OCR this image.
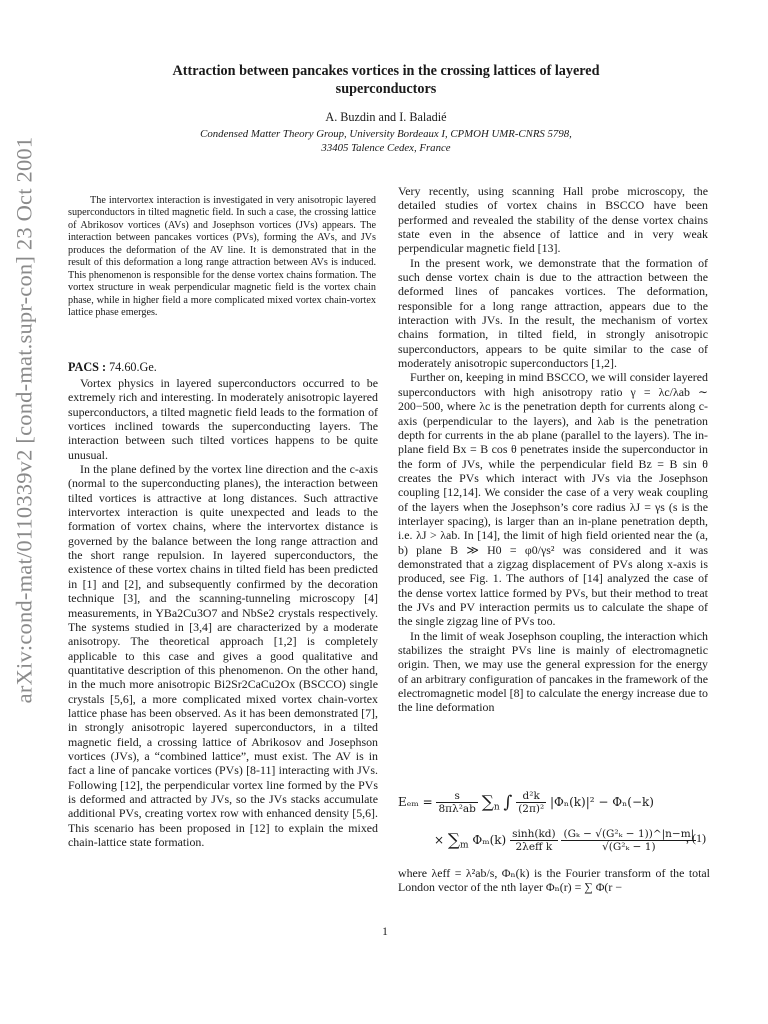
arXiv:cond-mat/0110339v2 [cond-mat.supr-con] 23 Oct 2001
Attraction between pancakes vortices in the crossing lattices of layered
superconductors
A. Buzdin and I. Baladié
Condensed Matter Theory Group, University Bordeaux I, CPMOH UMR-CNRS 5798,
33405 Talence Cedex, France

The intervortex interaction is investigated in very anisotropic layered superconductors in tilted magnetic field. In such a case, the crossing lattice of Abrikosov vortices (AVs) and Josephson vortices (JVs) appears. The interaction between pancakes vortices (PVs), forming the AVs, and JVs produces the deformation of the AV line. It is demonstrated that in the result of this deformation a long range attraction between AVs is induced. This phenomenon is responsible for the dense vortex chains formation. The vortex structure in weak perpendicular magnetic field is the vortex chain phase, while in higher field a more complicated mixed vortex chain-vortex lattice phase emerges.

PACS : 74.60.Ge.

Vortex physics in layered superconductors occurred to be extremely rich and interesting. In moderately anisotropic layered superconductors, a tilted magnetic field leads to the formation of vortices inclined towards the superconducting layers. The interaction between such tilted vortices happens to be quite unusual.

In the plane defined by the vortex line direction and the c-axis (normal to the superconducting planes), the interaction between tilted vortices is attractive at long distances. Such attractive intervortex interaction is quite unexpected and leads to the formation of vortex chains, where the intervortex distance is governed by the balance between the long range attraction and the short range repulsion. In layered superconductors, the existence of these vortex chains in tilted field has been predicted in [1] and [2], and subsequently confirmed by the decoration technique [3], and the scanning-tunneling microscopy [4] measurements, in YBa2Cu3O7 and NbSe2 crystals respectively. The systems studied in [3,4] are characterized by a moderate anisotropy. The theoretical approach [1,2] is completely applicable to this case and gives a good qualitative and quantitative description of this phenomenon. On the other hand, in the much more anisotropic Bi2Sr2CaCu2Ox (BSCCO) single crystals [5,6], a more complicated mixed vortex chain-vortex lattice phase has been observed. As it has been demonstrated [7], in strongly anisotropic layered superconductors, in a tilted magnetic field, a crossing lattice of Abrikosov and Josephson vortices (JVs), a “combined lattice”, must exist. The AV is in fact a line of pancake vortices (PVs) [8-11] interacting with JVs. Following [12], the perpendicular vortex line formed by the PVs is deformed and attracted by JVs, so the JVs stacks accumulate additional PVs, creating vortex row with enhanced density [5,6]. This scenario has been proposed in [12] to explain the mixed chain-lattice state formation.

Very recently, using scanning Hall probe microscopy, the detailed studies of vortex chains in BSCCO have been performed and revealed the stability of the dense vortex chains state even in the absence of lattice and in very weak perpendicular magnetic field [13].

In the present work, we demonstrate that the formation of such dense vortex chain is due to the attraction between the deformed lines of pancakes vortices. The deformation, responsible for a long range attraction, appears due to the interaction with JVs. In the result, the mechanism of vortex chains formation, in tilted field, in strongly anisotropic superconductors, appears to be quite similar to the case of moderately anisotropic superconductors [1,2].

Further on, keeping in mind BSCCO, we will consider layered superconductors with high anisotropy ratio γ = λc/λab ∼ 200−500, where λc is the penetration depth for currents along c-axis (perpendicular to the layers), and λab is the penetration depth for currents in the ab plane (parallel to the layers). The in-plane field Bx = B cos θ penetrates inside the superconductor in the form of JVs, while the perpendicular field Bz = B sin θ creates the PVs which interact with JVs via the Josephson coupling [12,14]. We consider the case of a very weak coupling of the layers when the Josephson’s core radius λJ = γs (s is the interlayer spacing), is larger than an in-plane penetration depth, i.e. λJ > λab. In [14], the limit of high field oriented near the (a, b) plane B ≫ H0 = φ0/γs² was considered and it was demonstrated that a zigzag displacement of PVs along x-axis is produced, see Fig. 1. The authors of [14] analyzed the case of the dense vortex lattice formed by PVs, but their method to treat the JVs and PV interaction permits us to calculate the shape of the single zigzag line of PVs too.

In the limit of weak Josephson coupling, the interaction which stabilizes the straight PVs line is mainly of electromagnetic origin. Then, we may use the general expression for the energy of an arbitrary configuration of pancakes in the framework of the electromagnetic model [8] to calculate the energy increase due to the line deformation

$E_{em} = \frac{s}{\text{8πλ²ab}} \sum_n$ ∫ $\frac{\text{d²k}}{\text{(2π)²}} |\Phi_n(k)|^2 - \Phi_n(-k)$
× $\sum_m$ $\Phi_m(k) \frac{\sinh(kd)}{\text{2λeff k}}$
$\frac{\text{(Gₖ − √(G²ₖ − 1))\textasciicircum{}|n−m|}}{\text{√(G²ₖ − 1)}}$
, (1)
where λeff = λ²ab/s, Φₙ(k) is the Fourier transform of the total London vector of the nth layer Φₙ(r) = ∑ Φ(r −
1
